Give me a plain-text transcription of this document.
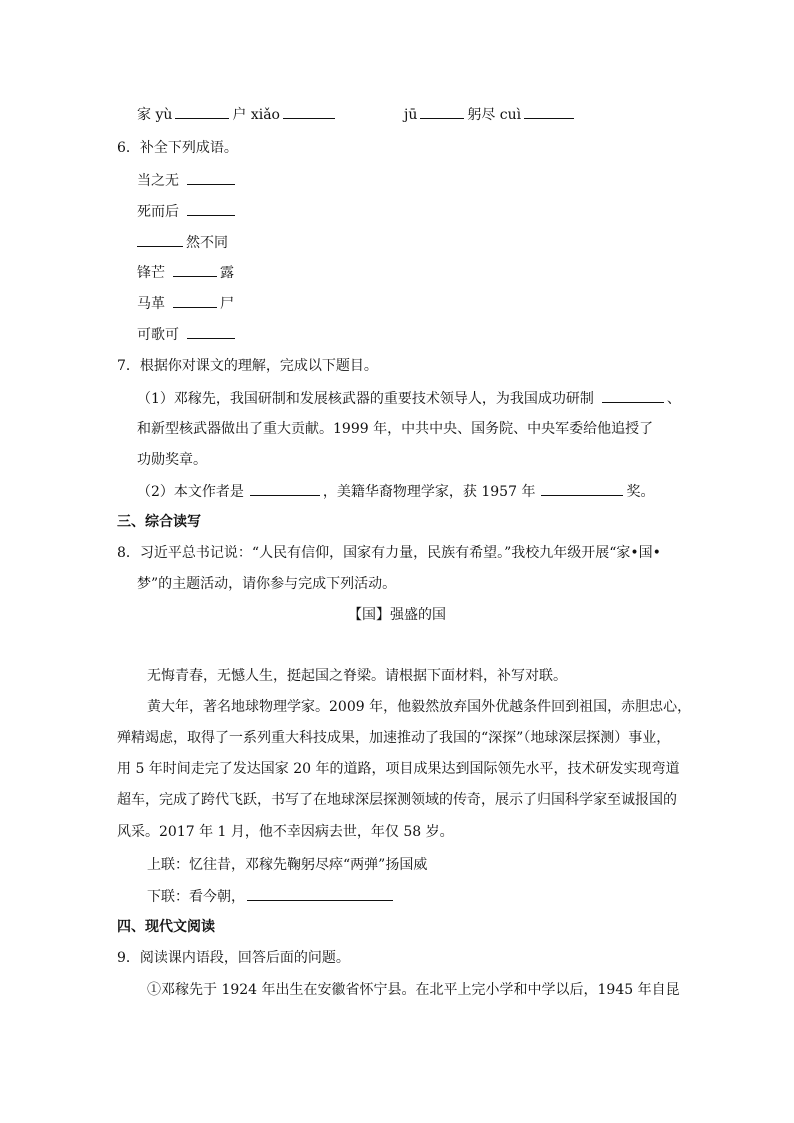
家 yù	户 xiǎo	jū	躬尽 cuì
6．补全下列成语。
当之无
死而后
然不同
锋芒	露
马革	尸
可歌可
7．根据你对课文的理解，完成以下题目。
（1）邓稼先，我国研制和发展核武器的重要技术领导人，为我国成功研制	、
和新型核武器做出了重大贡献。1999 年，中共中央、国务院、中央军委给他追授了
功勋奖章。
（2）本文作者是	，美籍华裔物理学家，获 1957 年	奖。
三、综合读写
8．习近平总书记说：“人民有信仰，国家有力量，民族有希望。”我校九年级开展“家•国•
梦”的主题活动，请你参与完成下列活动。
【国】强盛的国
无悔青春，无憾人生，挺起国之脊梁。请根据下面材料，补写对联。
黄大年，著名地球物理学家。2009 年，他毅然放弃国外优越条件回到祖国，赤胆忠心，
殚精竭虑，取得了一系列重大科技成果，加速推动了我国的“深探”（地球深层探测）事业，
用 5 年时间走完了发达国家 20 年的道路，项目成果达到国际领先水平，技术研发实现弯道
超车，完成了跨代飞跃，书写了在地球深层探测领域的传奇，展示了归国科学家至诚报国的
风采。2017 年 1 月，他不幸因病去世，年仅 58 岁。
上联：忆往昔，邓稼先鞠躬尽瘁“两弹”扬国威
下联：看今朝，
四、现代文阅读
9．阅读课内语段，回答后面的问题。
①邓稼先于 1924 年出生在安徽省怀宁县。在北平上完小学和中学以后，1945 年自昆
